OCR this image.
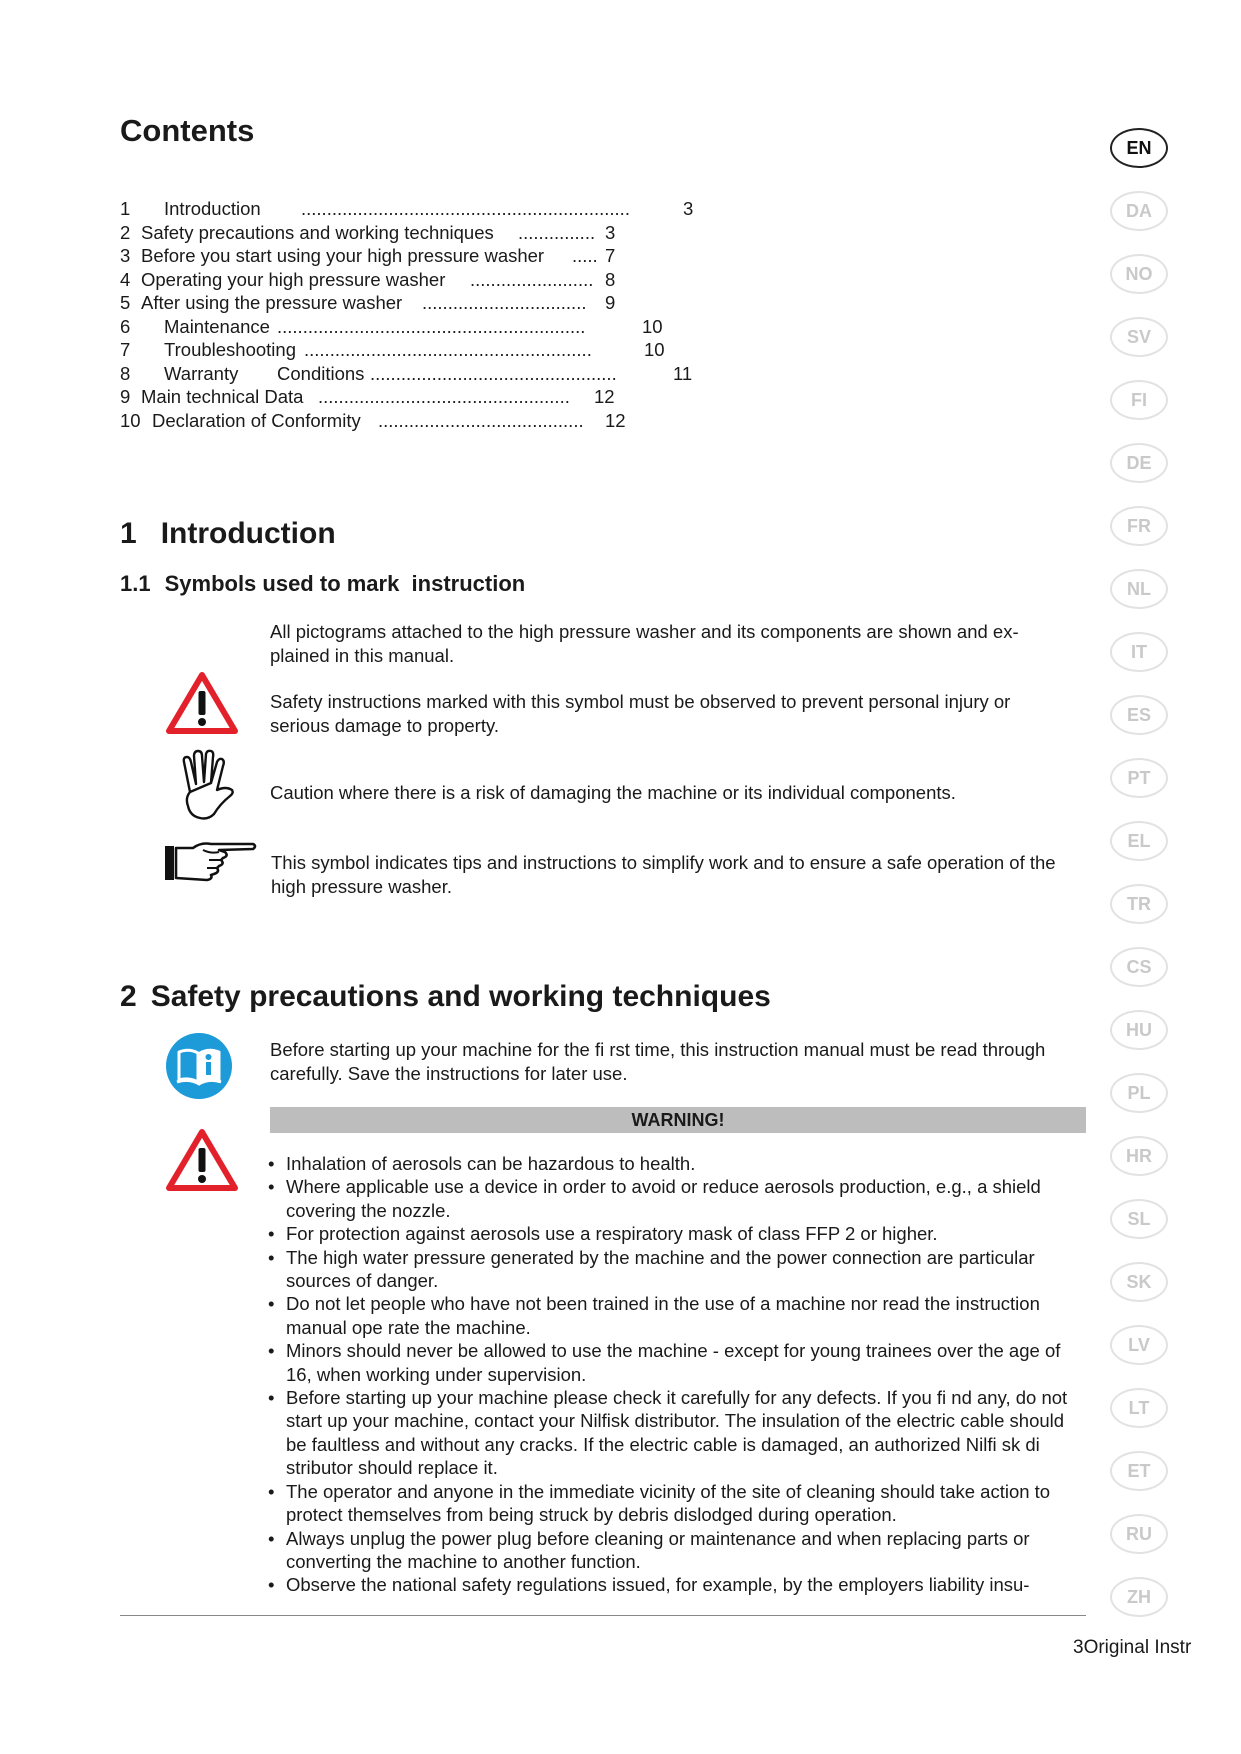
Contents
1 Introduction ................................................................	3
2 Safety precautions and working techniques ............... 3
3 Before you start using your high pressure washer ..... 7
4 Operating your high pressure washer ........................ 8
5 After using the pressure washer ................................	9
6 Maintenance ............................................................	10
7 Troubleshooting ........................................................	10
8 Warranty Conditions ................................................	11
9 Main technical Data .................................................	12
10 Declaration of Conformity ........................................	12
1 Introduction
1.1 Symbols used to mark  instruction

All pictograms attached to the high pressure washer and its components are shown and ex-plained in this manual.

Safety instructions marked with this symbol must be observed to prevent personal injury or serious damage to property.

Caution where there is a risk of damaging the machine or its individual components.

This symbol indicates tips and instructions to simplify work and to ensure a safe operation of the high pressure washer.

2 Safety precautions and working techniques

Before starting up your machine for the fi rst time, this instruction manual must be read through carefully. Save the instructions for later use.

WARNING!
• Inhalation of aerosols can be hazardous to health.
• Where applicable use a device in order to avoid or reduce aerosols production, e.g., a shield covering the nozzle.
• For protection against aerosols use a respiratory mask of class FFP 2 or higher.
• The high water pressure generated by the machine and the power connection are particular sources of danger.
• Do not let people who have not been trained in the use of a machine nor read the instruction manual ope rate the machine.
• Minors should never be allowed to use the machine - except for young trainees over the age of 16, when working under supervision.
• Before starting up your machine please check it carefully for any defects. If you fi nd any, do not start up your machine, contact your Nilfisk distributor. The insulation of the electric cable should be faultless and without any cracks. If the electric cable is damaged, an authorized Nilfi sk di stributor should replace it.
• The operator and anyone in the immediate vicinity of the site of cleaning should take action to protect themselves from being struck by debris dislodged during operation.
• Always unplug the power plug before cleaning or maintenance and when replacing parts or converting the machine to another function.
• Observe the national safety regulations issued, for example, by the employers liability insu-
3Original Instr
EN
DA
NO
SV
FI
DE
FR
NL
IT
ES
PT
EL
TR
CS
HU
PL
HR
SL
SK
LV
LT
ET
RU
ZH
